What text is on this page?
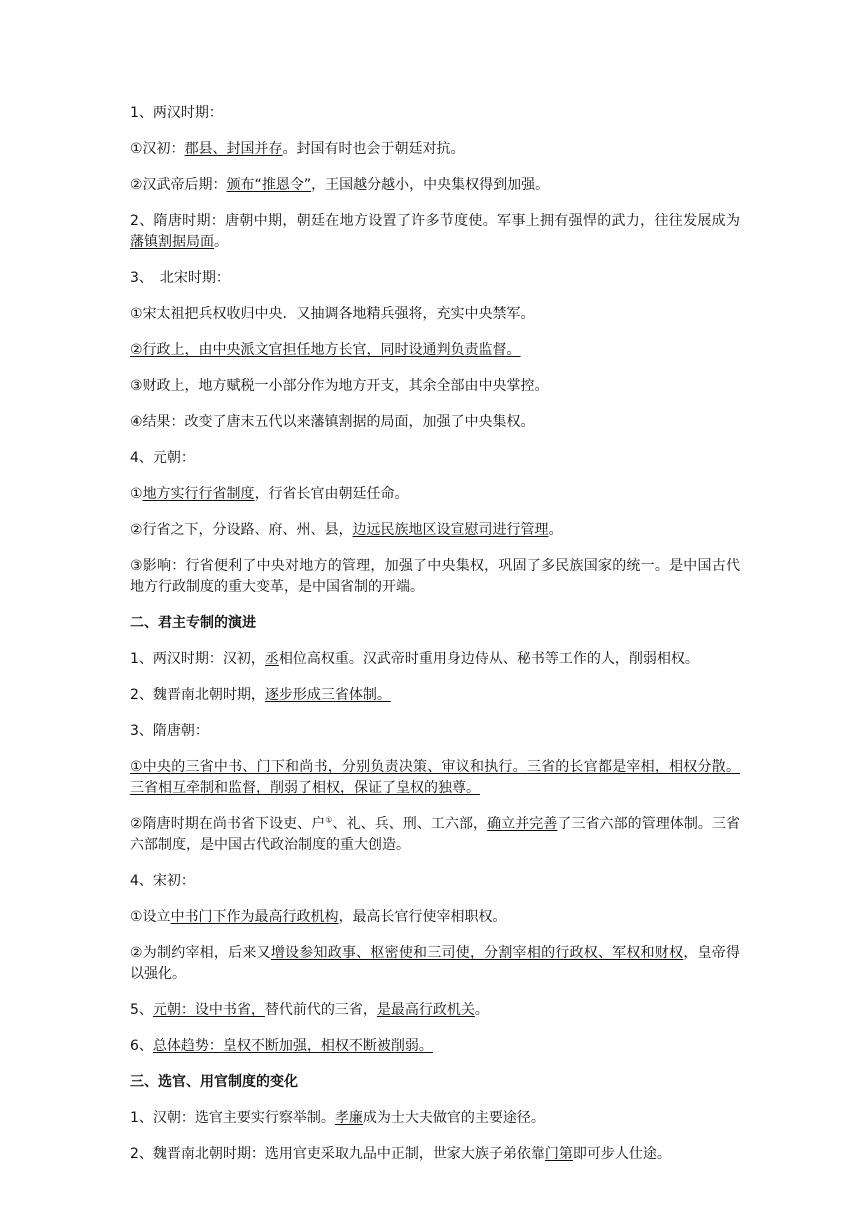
1、两汉时期：

①汉初：郡县、封国并存。封国有时也会于朝廷对抗。

②汉武帝后期：颁布“推恩令”，王国越分越小，中央集权得到加强。

2、隋唐时期：唐朝中期，朝廷在地方设置了许多节度使。军事上拥有强悍的武力，往往发展成为藩镇割据局面。

3、　北宋时期：

①宋太祖把兵权收归中央．又抽调各地精兵强将，充实中央禁军。

②行政上，由中央派文官担任地方长官，同时设通判负责监督。

③财政上，地方赋税一小部分作为地方开支，其余全部由中央掌控。

④结果：改变了唐末五代以来藩镇割据的局面，加强了中央集权。

4、元朝：

①地方实行行省制度，行省长官由朝廷任命。

②行省之下，分设路、府、州、县，边远民族地区设宣慰司进行管理。

③影响：行省便利了中央对地方的管理，加强了中央集权，巩固了多民族国家的统一。是中国古代地方行政制度的重大变革，是中国省制的开端。

二、君主专制的演进

1、两汉时期：汉初，丞相位高权重。汉武帝时重用身边侍从、秘书等工作的人，削弱相权。

2、魏晋南北朝时期，逐步形成三省体制。

3、隋唐朝：

①中央的三省中书、门下和尚书，分别负责决策、审议和执行。三省的长官都是宰相，相权分散。三省相互牵制和监督，削弱了相权，保证了皇权的独尊。

②隋唐时期在尚书省下设吏、户①、礼、兵、刑、工六部，确立并完善了三省六部的管理体制。三省六部制度，是中国古代政治制度的重大创造。

4、宋初：

①设立中书门下作为最高行政机构，最高长官行使宰相职权。

②为制约宰相，后来又增设参知政事、枢密使和三司使，分割宰相的行政权、军权和财权，皇帝得以强化。

5、元朝：设中书省，替代前代的三省，是最高行政机关。

6、总体趋势：皇权不断加强，相权不断被削弱。

三、选官、用官制度的变化

1、汉朝：选官主要实行察举制。孝廉成为士大夫做官的主要途径。

2、魏晋南北朝时期：选用官吏采取九品中正制，世家大族子弟依靠门第即可步人仕途。
